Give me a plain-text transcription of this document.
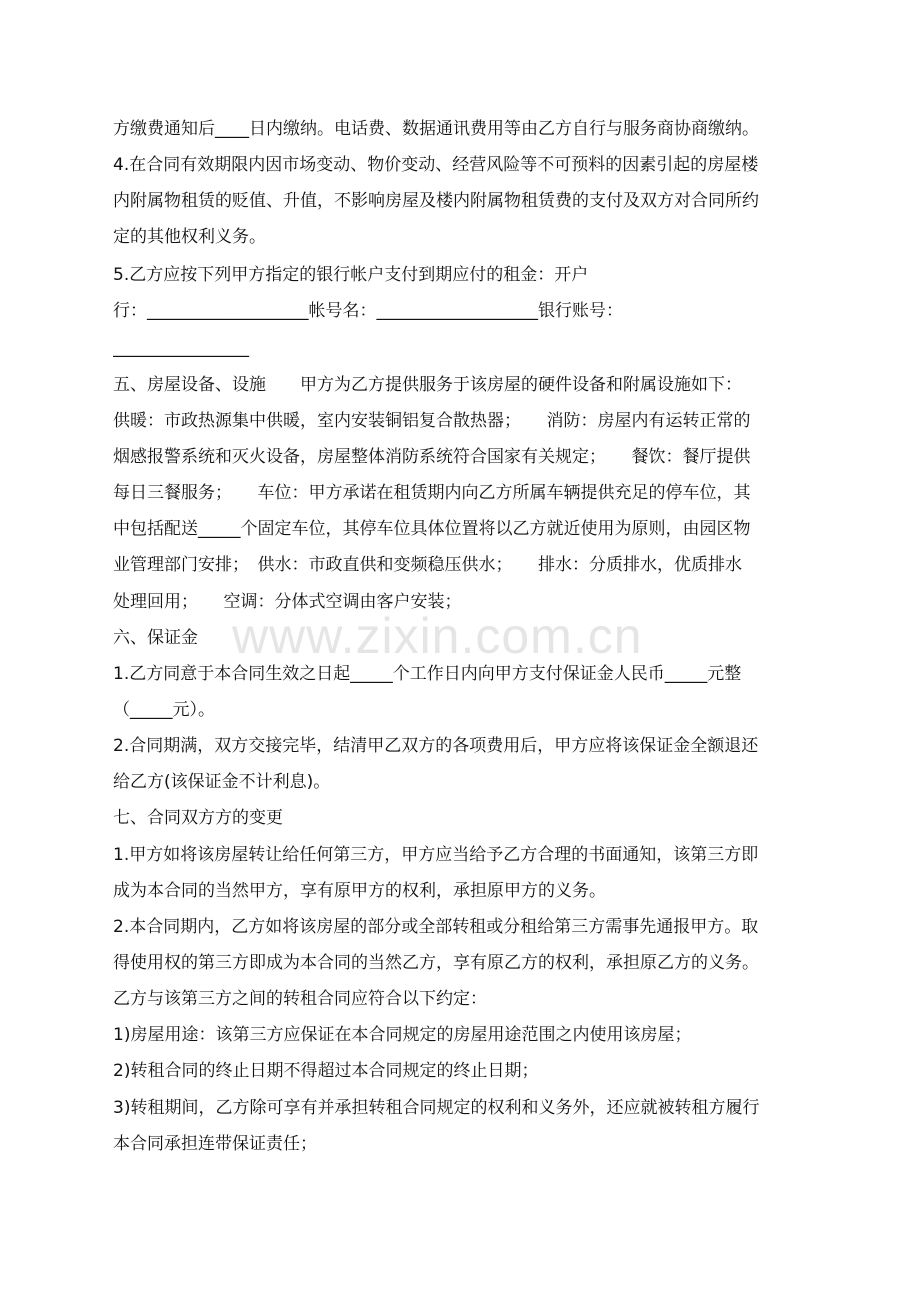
www.zixin.com.cn
方缴费通知后____日内缴纳。电话费、数据通讯费用等由乙方自行与服务商协商缴纳。
4.在合同有效期限内因市场变动、物价变动、经营风险等不可预料的因素引起的房屋楼
内附属物租赁的贬值、升值，不影响房屋及楼内附属物租赁费的支付及双方对合同所约
定的其他权利义务。
5.乙方应按下列甲方指定的银行帐户支付到期应付的租金：开户
行：___________________帐号名：___________________银行账号：
________________
五、房屋设备、设施　　甲方为乙方提供服务于该房屋的硬件设备和附属设施如下：
供暖：市政热源集中供暖，室内安装铜铝复合散热器；　　消防：房屋内有运转正常的
烟感报警系统和灭火设备，房屋整体消防系统符合国家有关规定；　　餐饮：餐厅提供
每日三餐服务；　　车位：甲方承诺在租赁期内向乙方所属车辆提供充足的停车位，其
中包括配送_____个固定车位，其停车位具体位置将以乙方就近使用为原则，由园区物
业管理部门安排；　供水：市政直供和变频稳压供水；　　排水：分质排水，优质排水
处理回用；　　空调：分体式空调由客户安装；
六、保证金
1.乙方同意于本合同生效之日起_____个工作日内向甲方支付保证金人民币_____元整
（_____元）。
2.合同期满，双方交接完毕，结清甲乙双方的各项费用后，甲方应将该保证金全额退还
给乙方(该保证金不计利息)。
七、合同双方方的变更
1.甲方如将该房屋转让给任何第三方，甲方应当给予乙方合理的书面通知，该第三方即
成为本合同的当然甲方，享有原甲方的权利，承担原甲方的义务。
2.本合同期内，乙方如将该房屋的部分或全部转租或分租给第三方需事先通报甲方。取
得使用权的第三方即成为本合同的当然乙方，享有原乙方的权利，承担原乙方的义务。
乙方与该第三方之间的转租合同应符合以下约定：
1)房屋用途：该第三方应保证在本合同规定的房屋用途范围之内使用该房屋；
2)转租合同的终止日期不得超过本合同规定的终止日期；
3)转租期间，乙方除可享有并承担转租合同规定的权利和义务外，还应就被转租方履行
本合同承担连带保证责任；
